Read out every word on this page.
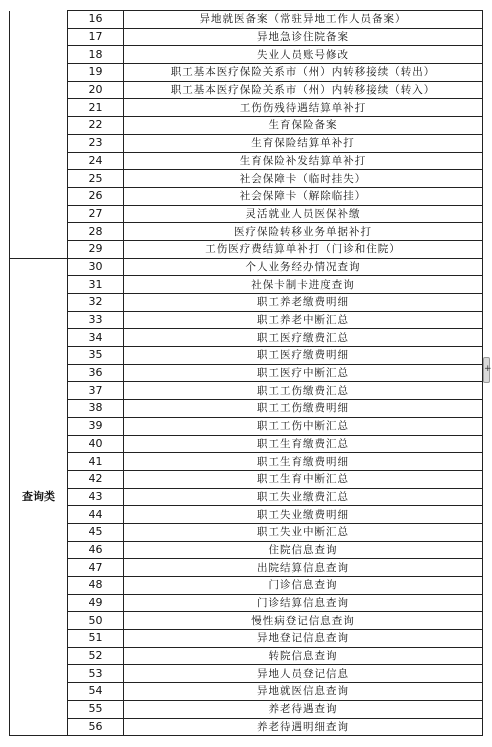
	16	异地就医备案（常驻异地工作人员备案）
	17	异地急诊住院备案
	18	失业人员账号修改
	19	职工基本医疗保险关系市（州）内转移接续（转出）
	20	职工基本医疗保险关系市（州）内转移接续（转入）
	21	工伤伤残待遇结算单补打
	22	生育保险备案
	23	生育保险结算单补打
	24	生育保险补发结算单补打
	25	社会保障卡（临时挂失）
	26	社会保障卡（解除临挂）
	27	灵活就业人员医保补缴
	28	医疗保险转移业务单据补打
	29	工伤医疗费结算单补打（门诊和住院）
查询类	30	个人业务经办情况查询
	31	社保卡制卡进度查询
	32	职工养老缴费明细
	33	职工养老中断汇总
	34	职工医疗缴费汇总
	35	职工医疗缴费明细
	36	职工医疗中断汇总
	37	职工工伤缴费汇总
	38	职工工伤缴费明细
	39	职工工伤中断汇总
	40	职工生育缴费汇总
	41	职工生育缴费明细
	42	职工生育中断汇总
	43	职工失业缴费汇总
	44	职工失业缴费明细
	45	职工失业中断汇总
	46	住院信息查询
	47	出院结算信息查询
	48	门诊信息查询
	49	门诊结算信息查询
	50	慢性病登记信息查询
	51	异地登记信息查询
	52	转院信息查询
	53	异地人员登记信息
	54	异地就医信息查询
	55	养老待遇查询
	56	养老待遇明细查询
+
